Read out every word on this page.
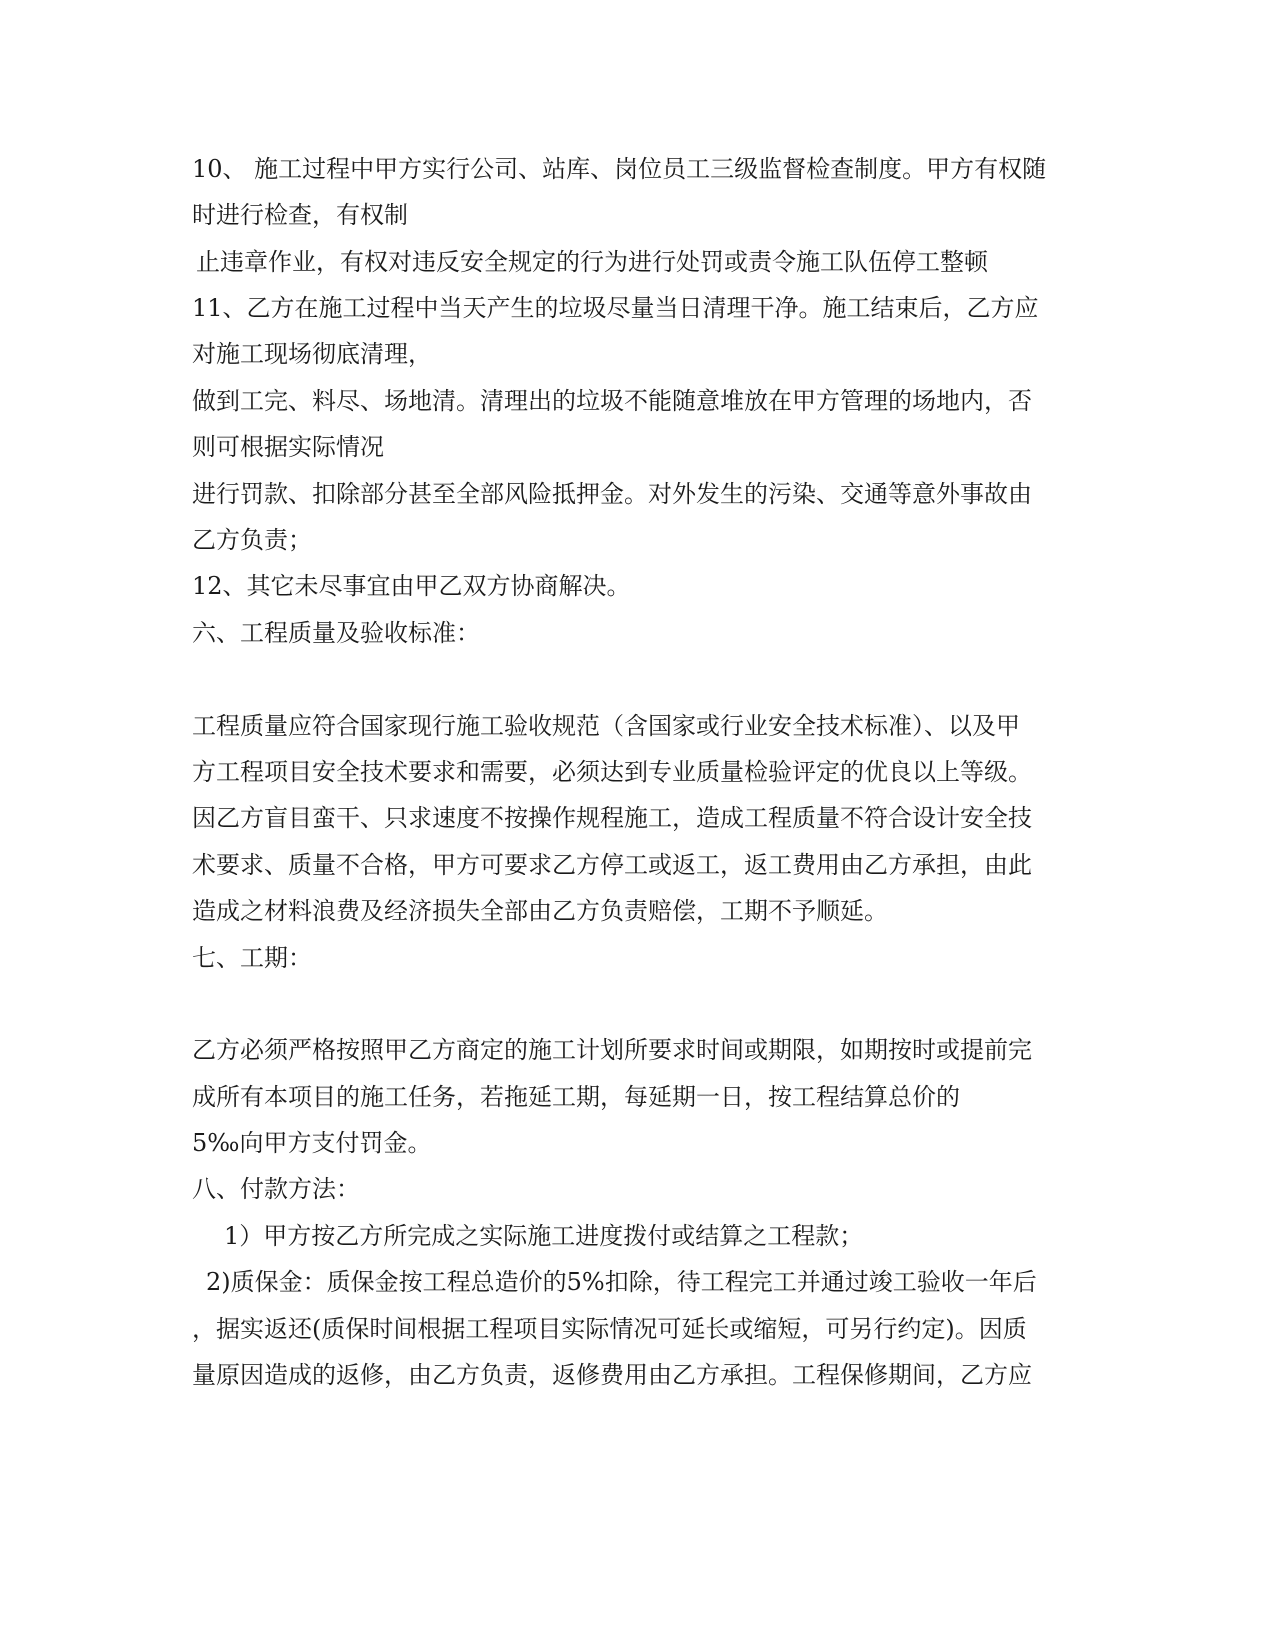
10、 施工过程中甲方实行公司、站库、岗位员工三级监督检查制度。甲方有权随
时进行检查，有权制
止违章作业，有权对违反安全规定的行为进行处罚或责令施工队伍停工整顿
11、乙方在施工过程中当天产生的垃圾尽量当日清理干净。施工结束后，乙方应
对施工现场彻底清理，
做到工完、料尽、场地清。清理出的垃圾不能随意堆放在甲方管理的场地内，否
则可根据实际情况
进行罚款、扣除部分甚至全部风险抵押金。对外发生的污染、交通等意外事故由
乙方负责；
12、其它未尽事宜由甲乙双方协商解决。
六、工程质量及验收标准：
工程质量应符合国家现行施工验收规范（含国家或行业安全技术标准）、以及甲
方工程项目安全技术要求和需要，必须达到专业质量检验评定的优良以上等级。
因乙方盲目蛮干、只求速度不按操作规程施工，造成工程质量不符合设计安全技
术要求、质量不合格，甲方可要求乙方停工或返工，返工费用由乙方承担，由此
造成之材料浪费及经济损失全部由乙方负责赔偿，工期不予顺延。
七、工期：
乙方必须严格按照甲乙方商定的施工计划所要求时间或期限，如期按时或提前完
成所有本项目的施工任务，若拖延工期，每延期一日，按工程结算总价的
5‰向甲方支付罚金。
八、付款方法：
1）甲方按乙方所完成之实际施工进度拨付或结算之工程款；
2)质保金：质保金按工程总造价的5%扣除，待工程完工并通过竣工验收一年后
，据实返还(质保时间根据工程项目实际情况可延长或缩短，可另行约定)。因质
量原因造成的返修，由乙方负责，返修费用由乙方承担。工程保修期间，乙方应
